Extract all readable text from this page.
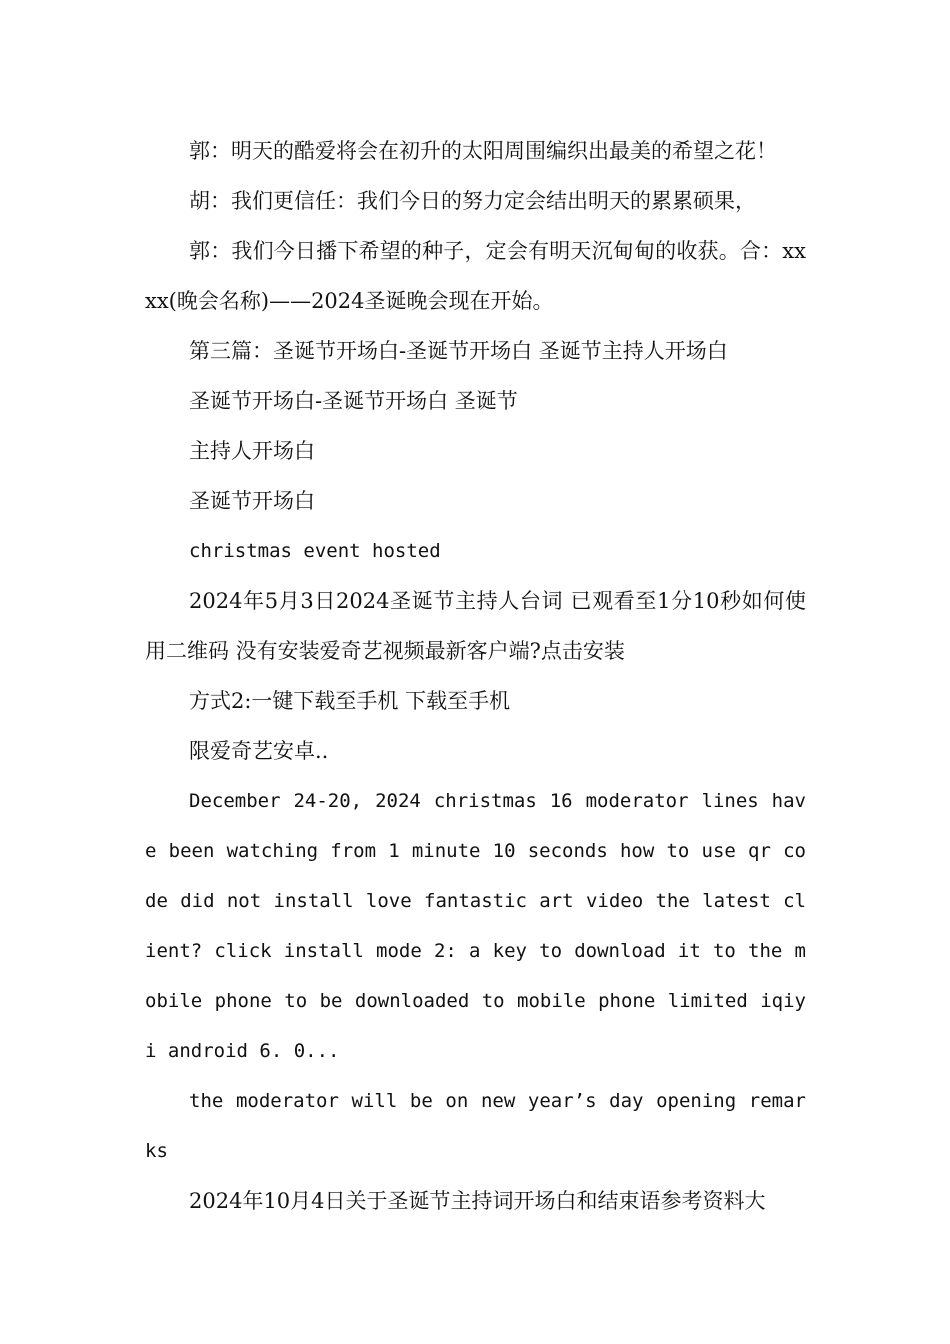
郭：明天的酷爱将会在初升的太阳周围编织出最美的希望之花！

胡：我们更信任：我们今日的努力定会结出明天的累累硕果，

郭：我们今日播下希望的种子，定会有明天沉甸甸的收获。合：xxxx(晚会名称)——2024圣诞晚会现在开始。

第三篇：圣诞节开场白-圣诞节开场白 圣诞节主持人开场白

圣诞节开场白-圣诞节开场白 圣诞节

主持人开场白

圣诞节开场白

christmas event hosted

2024年5月3日2024圣诞节主持人台词 已观看至1分10秒如何使用二维码 没有安装爱奇艺视频最新客户端?点击安装

方式2:一键下载至手机 下载至手机

限爱奇艺安卓..

December 24-20, 2024 christmas 16 moderator lines have been watching from 1 minute 10 seconds how to use qr code did not install love fantastic art video the latest client? click install mode 2: a key to download it to the mobile phone to be downloaded to mobile phone limited iqiyi android 6. 0...

the moderator will be on new year’s day opening remarks

2024年10月4日关于圣诞节主持词开场白和结束语参考资料大
